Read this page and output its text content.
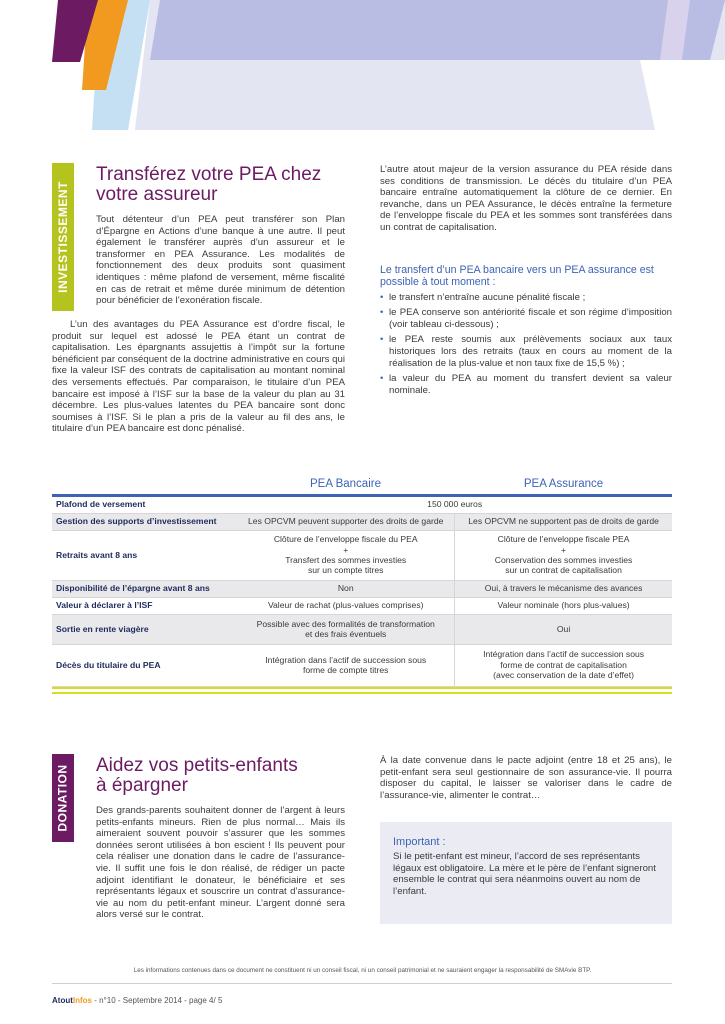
INVESTISSEMENT
Transférez votre PEA chez
votre assureur

Tout détenteur d’un PEA peut transférer son Plan d’Épargne en Actions d’une banque à une autre. Il peut également le transférer auprès d’un assureur et le transformer en PEA Assurance. Les modalités de fonctionnement des deux produits sont quasiment identiques : même plafond de versement, même fiscalité en cas de retrait et même durée minimum de détention pour bénéficier de l’exonération fiscale.

L’un des avantages du PEA Assurance est d’ordre fiscal, le produit sur lequel est adossé le PEA étant un contrat de capitalisation. Les épargnants assujettis à l’impôt sur la fortune bénéficient par conséquent de la doctrine administrative en cours qui fixe la valeur ISF des contrats de capitalisation au montant nominal des versements effectués. Par comparaison, le titulaire d’un PEA bancaire est imposé à l’ISF sur la base de la valeur du plan au 31 décembre. Les plus-values latentes du PEA bancaire sont donc soumises à l’ISF. Si le plan a pris de la valeur au fil des ans, le titulaire d’un PEA bancaire est donc pénalisé.

L’autre atout majeur de la version assurance du PEA réside dans ses conditions de transmission. Le décès du titulaire d’un PEA bancaire entraîne automatiquement la clôture de ce dernier. En revanche, dans un PEA Assurance, le décès entraîne la fermeture de l’enveloppe fiscale du PEA et les sommes sont transférées dans un contrat de capitalisation.

Le transfert d’un PEA bancaire vers un PEA assurance est possible à tout moment :
• le transfert n’entraîne aucune pénalité fiscale ;
• le PEA conserve son antériorité fiscale et son régime d’imposition (voir tableau ci-dessous) ;
• le PEA reste soumis aux prélèvements sociaux aux taux historiques lors des retraits (taux en cours au moment de la réalisation de la plus-value et non taux fixe de 15,5 %) ;
• la valeur du PEA au moment du transfert devient sa valeur nominale.
PEA Bancaire	PEA Assurance
Plafond de versement	150 000 euros	
Gestion des supports d’investissement	Les OPCVM peuvent supporter des droits de garde	Les OPCVM ne supportent pas de droits de garde
Retraits avant 8 ans	Clôture de l’enveloppe fiscale du PEA
+
Transfert des sommes investies
sur un compte titres	Clôture de l’enveloppe fiscale PEA
+
Conservation des sommes investies
sur un contrat de capitalisation
Disponibilité de l’épargne avant 8 ans	Non	Oui, à travers le mécanisme des avances
Valeur à déclarer à l’ISF	Valeur de rachat (plus-values comprises)	Valeur nominale (hors plus-values)
Sortie en rente viagère	Possible avec des formalités de transformation
et des frais éventuels	Oui
Décès du titulaire du PEA	Intégration dans l’actif de succession sous
forme de compte titres	Intégration dans l’actif de succession sous
forme de contrat de capitalisation
(avec conservation de la date d’effet)
DONATION Aidez vos petits-enfants
à épargner

Des grands-parents souhaitent donner de l’argent à leurs petits-enfants mineurs. Rien de plus normal… Mais ils aimeraient souvent pouvoir s’assurer que les sommes données seront utilisées à bon escient ! Ils peuvent pour cela réaliser une donation dans le cadre de l’assurance-vie. Il suffit une fois le don réalisé, de rédiger un pacte adjoint identifiant le donateur, le bénéficiaire et ses représentants légaux et souscrire un contrat d’assurance-vie au nom du petit-enfant mineur. L’argent donné sera alors versé sur le contrat.

À la date convenue dans le pacte adjoint (entre 18 et 25 ans), le petit-enfant sera seul gestionnaire de son assurance-vie. Il pourra disposer du capital, le laisser se valoriser dans le cadre de l’assurance-vie, alimenter le contrat…

Important :

Si le petit-enfant est mineur, l’accord de ses représentants légaux est obligatoire. La mère et le père de l’enfant signeront ensemble le contrat qui sera néanmoins ouvert au nom de l’enfant.

Les informations contenues dans ce document ne constituent ni un conseil fiscal, ni un conseil patrimonial et ne sauraient engager la responsabilité de SMAvie BTP.
AtoutInfos - n°10 - Septembre 2014 - page 4/ 5
